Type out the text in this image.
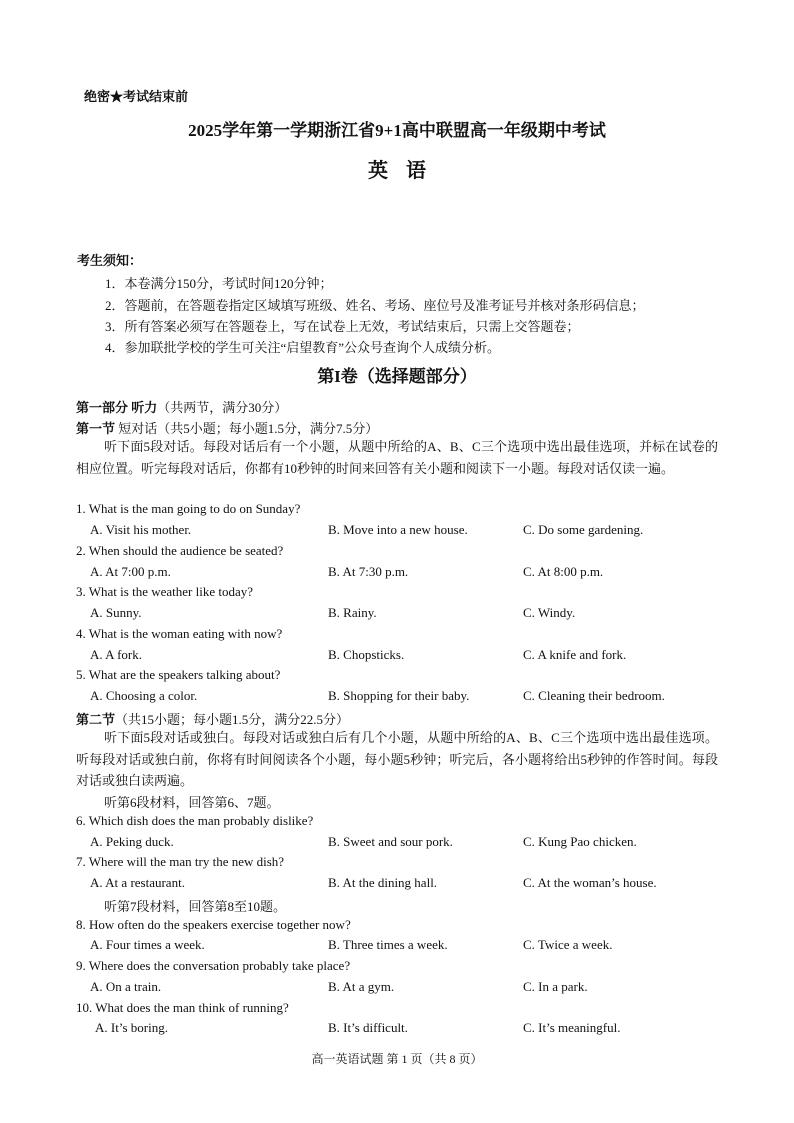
绝密★考试结束前
2025学年第一学期浙江省9+1高中联盟高一年级期中考试
英语
考生须知：
1．本卷满分150分，考试时间120分钟；
2．答题前，在答题卷指定区域填写班级、姓名、考场、座位号及准考证号并核对条形码信息；
3．所有答案必须写在答题卷上，写在试卷上无效，考试结束后，只需上交答题卷；
4．参加联批学校的学生可关注“启望教育”公众号查询个人成绩分析。
第I卷（选择题部分）
第一部分 听力（共两节，满分30分）
第一节 短对话（共5小题；每小题1.5分，满分7.5分）
听下面5段对话。每段对话后有一个小题，从题中所给的A、B、C三个选项中选出最佳选项，并标在试卷的相应位置。听完每段对话后，你都有10秒钟的时间来回答有关小题和阅读下一小题。每段对话仅读一遍。
1. What is the man going to do on Sunday?
A. Visit his mother.	B. Move into a new house.	C. Do some gardening.
2. When should the audience be seated?
A. At 7:00 p.m.	B. At 7:30 p.m.	C. At 8:00 p.m.
3. What is the weather like today?
A. Sunny.	B. Rainy.	C. Windy.
4. What is the woman eating with now?
A. A fork.	B. Chopsticks.	C. A knife and fork.
5. What are the speakers talking about?
A. Choosing a color.	B. Shopping for their baby.	C. Cleaning their bedroom.
第二节（共15小题；每小题1.5分，满分22.5分）
听下面5段对话或独白。每段对话或独白后有几个小题，从题中所给的A、B、C三个选项中选出最佳选项。听每段对话或独白前，你将有时间阅读各个小题，每小题5秒钟；听完后，各小题将给出5秒钟的作答时间。每段对话或独白读两遍。
听第6段材料，回答第6、7题。
6. Which dish does the man probably dislike?
A. Peking duck.	B. Sweet and sour pork.	C. Kung Pao chicken.
7. Where will the man try the new dish?
A. At a restaurant.	B. At the dining hall.	C. At the woman’s house.
听第7段材料，回答第8至10题。
8. How often do the speakers exercise together now?
A. Four times a week.	B. Three times a week.	C. Twice a week.
9. Where does the conversation probably take place?
A. On a train.	B. At a gym.	C. In a park.
10. What does the man think of running?
A. It’s boring.	B. It’s difficult.	C. It’s meaningful.
高一英语试题 第 1 页（共 8 页）
